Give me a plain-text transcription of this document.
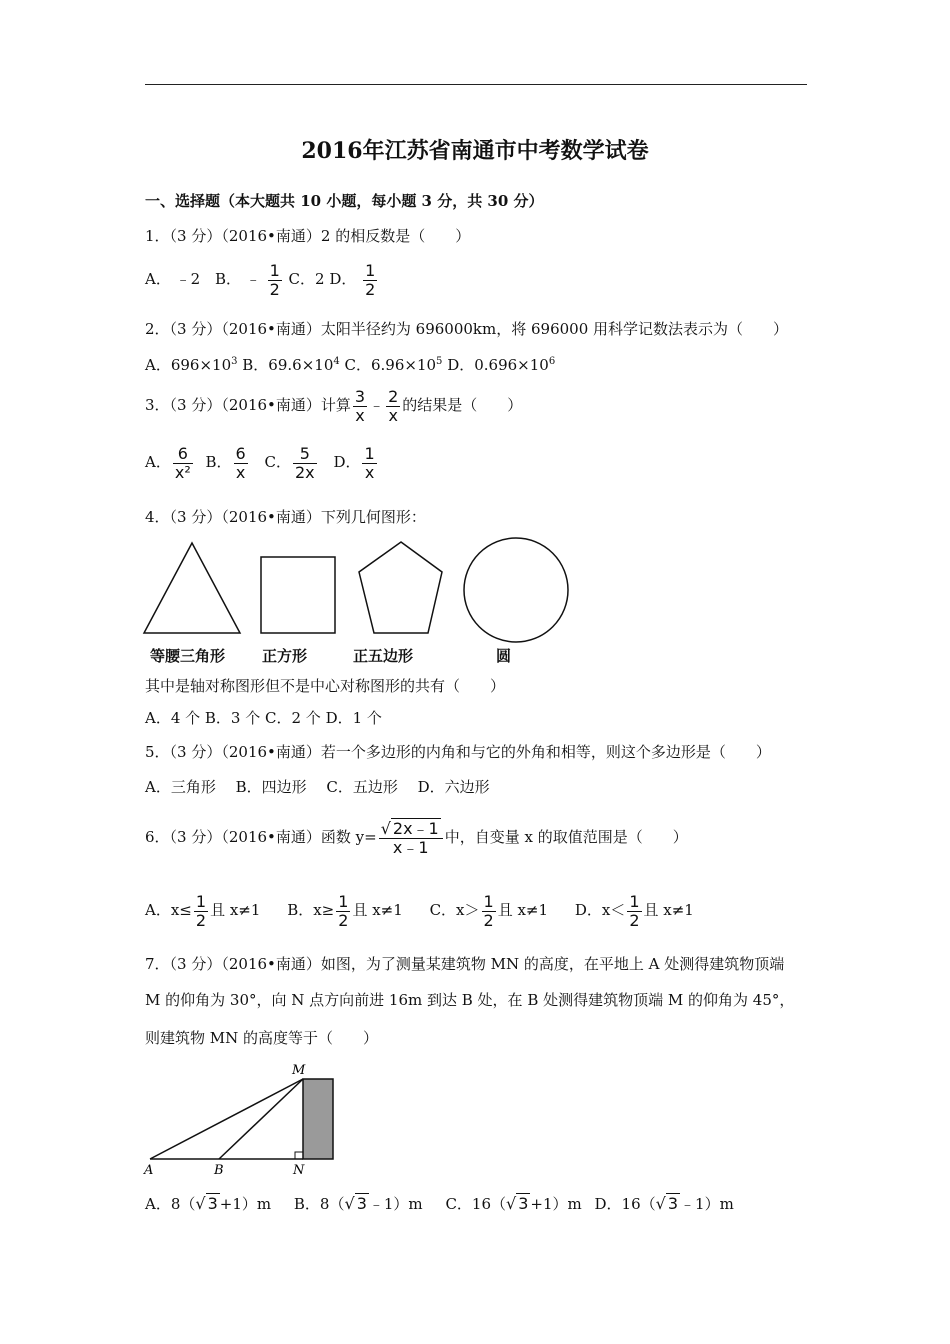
2016年江苏省南通市中考数学试卷
一、选择题（本大题共 10 小题，每小题 3 分，共 30 分）
1．（3 分）（2016•南通）2 的相反数是（　　）
A． ﹣2 B． ﹣ $\frac{1}{2}$ C．2 D． $\frac{1}{2}$
2．（3 分）（2016•南通）太阳半径约为 696000km，将 696000 用科学记数法表示为（　　）
A．$696\times 10^3$ B．$69.6\times 10^4$ C．$6.96\times 10^5$ D．$0.696\times 10^6$
3．（3 分）（2016•南通）计算 $\frac{3}{x}$ ﹣ $\frac{2}{x}$ 的结果是（　　）
A． $\frac{6}{\text{x²}}$ B． $\frac{6}{x}$ C． $\frac{5}{2x}$ D． $\frac{1}{x}$
4．（3 分）（2016•南通）下列几何图形：
等腰三角形 正方形	正五边形	圆
其中是轴对称图形但不是中心对称图形的共有（　　）
A．4 个 B．3 个 C．2 个 D．1 个
5．（3 分）（2016•南通）若一个多边形的内角和与它的外角和相等，则这个多边形是（　　）
A．三角形　 B．四边形　 C．五边形　 D．六边形
6．（3 分）（2016•南通）函数 $y= \frac{√ 2x﹣1}{x﹣1}$ 中，自变量 x 的取值范围是（　　）
A．$x\le \frac{1}{2}$ 且 x≠1 B．$x\ge \frac{1}{2}$ 且 x≠1 C．$x> \frac{1}{2}$ 且 x≠1 D．$x< \frac{1}{2}$ 且 x≠1
7．（3 分）（2016•南通）如图，为了测量某建筑物 MN 的高度，在平地上 A 处测得建筑物顶端
M 的仰角为 30°，向 N 点方向前进 16m 到达 B 处，在 B 处测得建筑物顶端 M 的仰角为 45°，
则建筑物 MN 的高度等于（　　）
M
A	B	N
A．8（√ 3 +1）m B．8（√ 3 ﹣1）m C．16（√ 3 +1）m D．16（√ 3 ﹣1）m
